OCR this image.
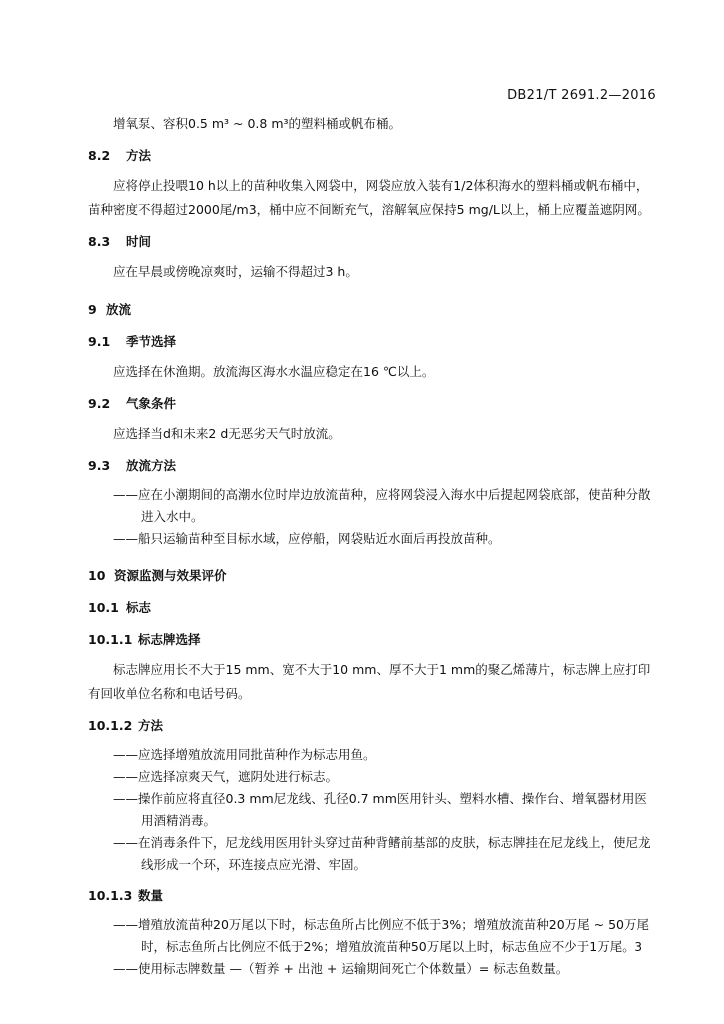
DB21/T 2691.2—2016

增氧泵、容积0.5 m³ ~ 0.8 m³的塑料桶或帆布桶。

8.2 方法

应将停止投喂10 h以上的苗种收集入网袋中，网袋应放入装有1/2体积海水的塑料桶或帆布桶中，苗种密度不得超过2000尾/m3，桶中应不间断充气，溶解氧应保持5 mg/L以上，桶上应覆盖遮阴网。

8.3 时间

应在早晨或傍晚凉爽时，运输不得超过3 h。

9 放流
9.1 季节选择

应选择在休渔期。放流海区海水水温应稳定在16 ℃以上。

9.2 气象条件

应选择当d和未来2 d无恶劣天气时放流。

9.3 放流方法

——应在小潮期间的高潮水位时岸边放流苗种，应将网袋浸入海水中后提起网袋底部，使苗种分散进入水中。

——船只运输苗种至目标水域，应停船，网袋贴近水面后再投放苗种。

10 资源监测与效果评价
10.1 标志
10.1.1 标志牌选择

标志牌应用长不大于15 mm、宽不大于10 mm、厚不大于1 mm的聚乙烯薄片，标志牌上应打印有回收单位名称和电话号码。

10.1.2 方法

——应选择增殖放流用同批苗种作为标志用鱼。

——应选择凉爽天气，遮阴处进行标志。

——操作前应将直径0.3 mm尼龙线、孔径0.7 mm医用针头、塑料水槽、操作台、增氧器材用医用酒精消毒。

——在消毒条件下，尼龙线用医用针头穿过苗种背鳍前基部的皮肤，标志牌挂在尼龙线上，使尼龙线形成一个环，环连接点应光滑、牢固。

10.1.3 数量

——增殖放流苗种20万尾以下时，标志鱼所占比例应不低于3%；增殖放流苗种20万尾 ~ 50万尾时，标志鱼所占比例应不低于2%；增殖放流苗种50万尾以上时，标志鱼应不少于1万尾。

——使用标志牌数量 —（暂养 + 出池 + 运输期间死亡个体数量）= 标志鱼数量。

3
